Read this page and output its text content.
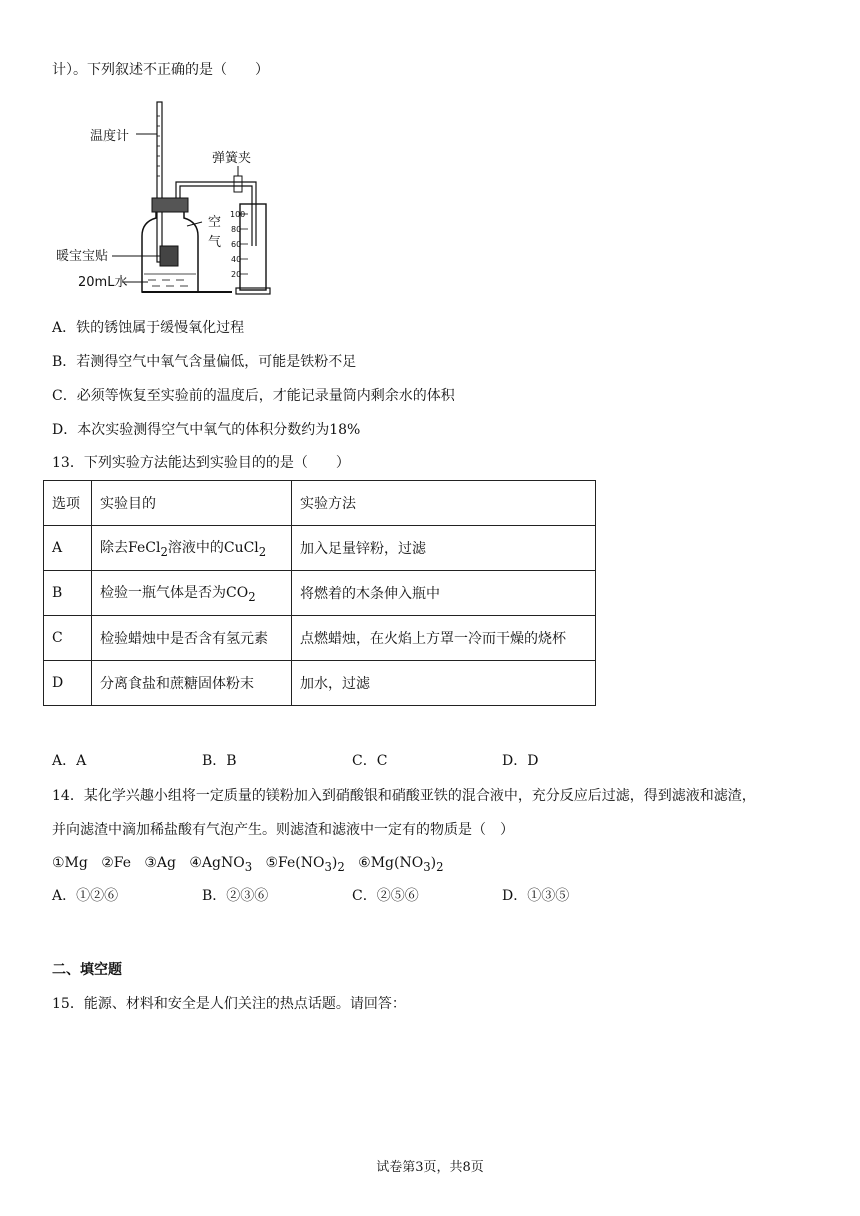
计）。下列叙述不正确的是（　　）
温度计
弹簧夹
空
气
暖宝宝贴
20mL水
100
80
60
40
20
A．铁的锈蚀属于缓慢氧化过程
B．若测得空气中氧气含量偏低，可能是铁粉不足
C．必须等恢复至实验前的温度后，才能记录量筒内剩余水的体积
D．本次实验测得空气中氧气的体积分数约为18%
13．下列实验方法能达到实验目的的是（　　）
选项	实验目的	实验方法
A	除去FeCl$_2$溶液中的CuCl$_2$	加入足量锌粉，过滤
B	检验一瓶气体是否为$CO_2$	将燃着的木条伸入瓶中
C	检验蜡烛中是否含有氢元素	点燃蜡烛，在火焰上方罩一冷而干燥的烧杯
D	分离食盐和蔗糖固体粉末	加水，过滤
A．A	B．B	C．C	D．D
14．某化学兴趣小组将一定质量的镁粉加入到硝酸银和硝酸亚铁的混合液中，充分反应后过滤，得到滤液和滤渣，
并向滤渣中滴加稀盐酸有气泡产生。则滤渣和滤液中一定有的物质是（　）
①Mg ②Fe ③Ag ④AgNO$_3$ $⑤Fe(NO_3)_2$ $⑥Mg(NO_3)_2$
A．①②⑥	B．②③⑥	C．②⑤⑥	D．①③⑤
二、填空题
15．能源、材料和安全是人们关注的热点话题。请回答：
试卷第3页，共8页
